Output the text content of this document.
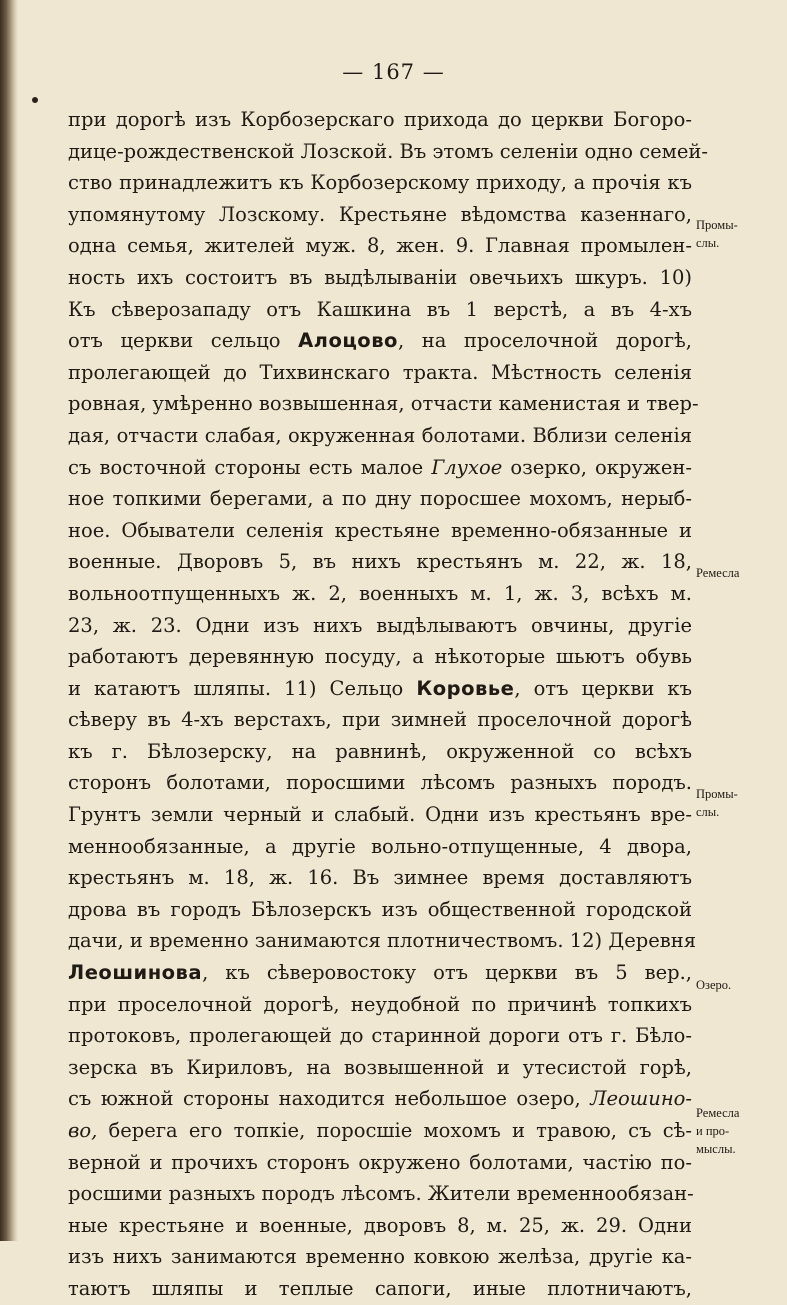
— 167 —
при дорогѣ изъ Корбозерскаго прихода до церкви Богоро-
дице-рождественской Лозской. Въ этомъ селеніи одно семей-
ство принадлежитъ къ Корбозерскому приходу, а прочія къ
упомянутому Лозскому. Крестьяне вѣдомства казеннаго,
одна семья, жителей муж. 8, жен. 9. Главная промылен-
ность ихъ состоитъ въ выдѣлываніи овечьихъ шкуръ. 10)
Къ сѣверозападу отъ Кашкина въ 1 верстѣ, а въ 4-хъ
отъ церкви сельцо Алоцово, на проселочной дорогѣ,
пролегающей до Тихвинскаго тракта. Мѣстность селенія
ровная, умѣренно возвышенная, отчасти каменистая и твер-
дая, отчасти слабая, окруженная болотами. Вблизи селенія
съ восточной стороны есть малое Глухое озерко, окружен-
ное топкими берегами, а по дну поросшее мохомъ, нерыб-
ное. Обыватели селенія крестьяне временно-обязанные и
военные. Дворовъ 5, въ нихъ крестьянъ м. 22, ж. 18,
вольноотпущенныхъ ж. 2, военныхъ м. 1, ж. 3, всѣхъ м.
23, ж. 23. Одни изъ нихъ выдѣлываютъ овчины, другіе
работаютъ деревянную посуду, а нѣкоторые шьютъ обувь
и катаютъ шляпы. 11) Сельцо Коровье, отъ церкви къ
сѣверу въ 4-хъ верстахъ, при зимней проселочной дорогѣ
къ г. Бѣлозерску, на равнинѣ, окруженной со всѣхъ
сторонъ болотами, поросшими лѣсомъ разныхъ породъ.
Грунтъ земли черный и слабый. Одни изъ крестьянъ вре-
меннообязанные, а другіе вольно-отпущенные, 4 двора,
крестьянъ м. 18, ж. 16. Въ зимнее время доставляютъ
дрова въ городъ Бѣлозерскъ изъ общественной городской
дачи, и временно занимаются плотничествомъ. 12) Деревня
Леошинова, къ сѣверовостоку отъ церкви въ 5 вер.,
при проселочной дорогѣ, неудобной по причинѣ топкихъ
протоковъ, пролегающей до старинной дороги отъ г. Бѣло-
зерска въ Кириловъ, на возвышенной и утесистой горѣ,
съ южной стороны находится небольшое озеро, Леошино-
во, берега его топкіе, поросшіе мохомъ и травою, съ сѣ-
верной и прочихъ сторонъ окружено болотами, частію по-
росшими разныхъ породъ лѣсомъ. Жители временнообязан-
ные крестьяне и военные, дворовъ 8, м. 25, ж. 29. Одни
изъ нихъ занимаются временно ковкою желѣза, другіе ка-
таютъ шляпы и теплые сапоги, иные плотничаютъ,
Промы-
слы.
Ремесла
Промы-
слы.
Озеро.
Ремесла
и про-
мыслы.
